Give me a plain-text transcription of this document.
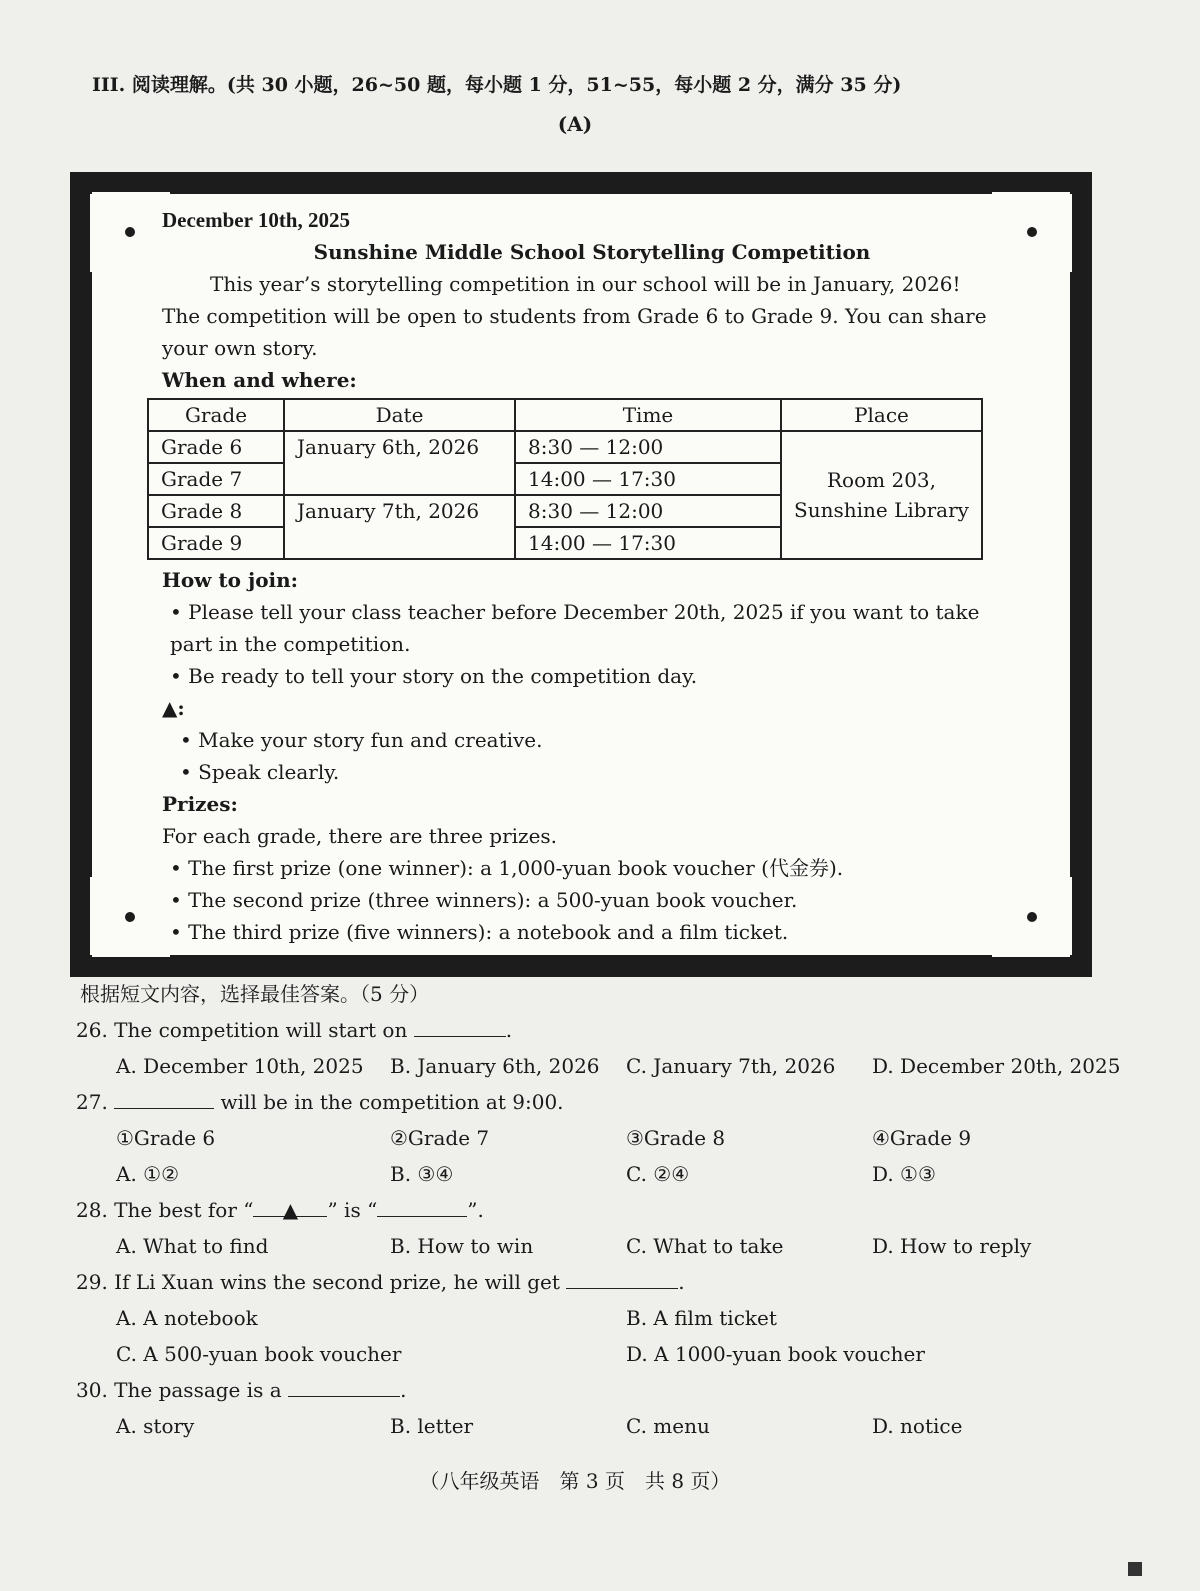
III. 阅读理解。(共 30 小题，26~50 题，每小题 1 分，51~55，每小题 2 分，满分 35 分)
(A)
December 10th, 2025
Sunshine Middle School Storytelling Competition
This year’s storytelling competition in our school will be in January, 2026! The competition will be open to students from Grade 6 to Grade 9. You can share your own story.
When and where:
Grade	Date	Time	Place
Grade 6	January 6th, 2026	8:30 — 12:00	Room 203,
Sunshine Library

Grade 7		14:00 — 17:30	
Grade 8	January 7th, 2026	8:30 — 12:00	
Grade 9		14:00 — 17:30	
How to join:
• Please tell your class teacher before December 20th, 2025 if you want to take part in the competition.
• Be ready to tell your story on the competition day.
▲:
• Make your story fun and creative.
• Speak clearly.
Prizes:
For each grade, there are three prizes.
• The first prize (one winner): a 1,000-yuan book voucher (代金券).
• The second prize (three winners): a 500-yuan book voucher.
• The third prize (five winners): a notebook and a film ticket.
根据短文内容，选择最佳答案。（5 分）
26. The competition will start on	.
A. December 10th, 2025	B. January 6th, 2026	C. January 7th, 2026	D. December 20th, 2025
27.	will be in the competition at 9:00.
①Grade 6	②Grade 7	③Grade 8	④Grade 9
A. ①②	B. ③④	C. ②④	D. ①③
28. The best for “ ▲ ” is “	”.
A. What to find	B. How to win	C. What to take	D. How to reply
29. If Li Xuan wins the second prize, he will get	.
A. A notebook	B. A film ticket
C. A 500-yuan book voucher	D. A 1000-yuan book voucher
30. The passage is a	.
A. story	B. letter	C. menu	D. notice
（八年级英语　第 3 页　共 8 页）
